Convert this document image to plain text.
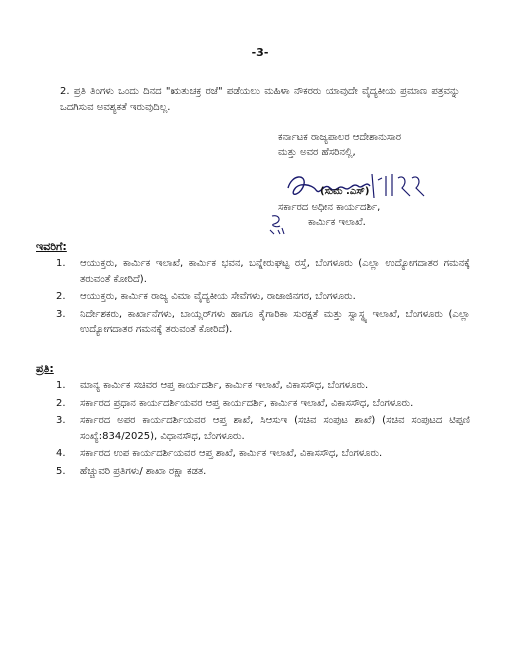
-3-
2. ಪ್ರತಿ ತಿಂಗಳು ಒಂದು ದಿನದ "ಋತುಚಕ್ರ ರಜೆ" ಪಡೆಯಲು ಮಹಿಳಾ ನೌಕರರು ಯಾವುದೇ ವೈದ್ಯಕೀಯ ಪ್ರಮಾಣ ಪತ್ರವನ್ನು ಒದಗಿಸುವ ಅವಶ್ಯಕತೆ ಇರುವುದಿಲ್ಲ.
ಕರ್ನಾಟಕ ರಾಜ್ಯಪಾಲರ ಆದೇಶಾನುಸಾರ
ಮತ್ತು ಅವರ ಹೆಸರಿನಲ್ಲಿ,
(ಸುಮ .ಎಸ್)
ಸರ್ಕಾರದ ಅಧೀನ ಕಾರ್ಯದರ್ಶಿ,
ಕಾರ್ಮಿಕ ಇಲಾಖೆ.
ಇವರಿಗೆ:
1. ಆಯುಕ್ತರು, ಕಾರ್ಮಿಕ ಇಲಾಖೆ, ಕಾರ್ಮಿಕ ಭವನ, ಬನ್ನೇರುಘಟ್ಟ ರಸ್ತೆ, ಬೆಂಗಳೂರು (ಎಲ್ಲಾ ಉದ್ಯೋಗದಾತರ ಗಮನಕ್ಕೆ ತರುವಂತೆ ಕೋರಿದೆ).
2. ಆಯುಕ್ತರು, ಕಾರ್ಮಿಕ ರಾಜ್ಯ ವಿಮಾ ವೈದ್ಯಕೀಯ ಸೇವೆಗಳು, ರಾಜಾಜಿನಗರ, ಬೆಂಗಳೂರು.
3. ನಿರ್ದೇಶಕರು, ಕಾರ್ಖಾನೆಗಳು, ಬಾಯ್ಲರ್‌ಗಳು ಹಾಗೂ ಕೈಗಾರಿಕಾ ಸುರಕ್ಷತೆ ಮತ್ತು ಸ್ವಾಸ್ಥ್ಯ ಇಲಾಖೆ, ಬೆಂಗಳೂರು (ಎಲ್ಲಾ ಉದ್ಯೋಗದಾತರ ಗಮನಕ್ಕೆ ತರುವಂತೆ ಕೋರಿದೆ).
ಪ್ರತಿ:
1. ಮಾನ್ಯ ಕಾರ್ಮಿಕ ಸಚಿವರ ಆಪ್ತ ಕಾರ್ಯದರ್ಶಿ, ಕಾರ್ಮಿಕ ಇಲಾಖೆ, ವಿಕಾಸಸೌಧ, ಬೆಂಗಳೂರು.
2. ಸರ್ಕಾರದ ಪ್ರಧಾನ ಕಾರ್ಯದರ್ಶಿಯವರ ಆಪ್ತ ಕಾರ್ಯದರ್ಶಿ, ಕಾರ್ಮಿಕ ಇಲಾಖೆ, ವಿಕಾಸಸೌಧ, ಬೆಂಗಳೂರು.
3. ಸರ್ಕಾರದ ಅಪರ ಕಾರ್ಯದರ್ಶಿಯವರ ಆಪ್ತ ಶಾಖೆ, ಸಿಆಸುಇ (ಸಚಿವ ಸಂಪುಟ ಶಾಖೆ) (ಸಚಿವ ಸಂಪುಟದ ಟಿಪ್ಪಣಿ ಸಂಖ್ಯೆ:834/2025), ವಿಧಾನಸೌಧ, ಬೆಂಗಳೂರು.
4. ಸರ್ಕಾರದ ಉಪ ಕಾರ್ಯದರ್ಶಿಯವರ ಆಪ್ತ ಶಾಖೆ, ಕಾರ್ಮಿಕ ಇಲಾಖೆ, ವಿಕಾಸಸೌಧ, ಬೆಂಗಳೂರು.
5. ಹೆಚ್ಚುವರಿ ಪ್ರತಿಗಳು/ ಶಾಖಾ ರಕ್ಷಾ ಕಡತ.
